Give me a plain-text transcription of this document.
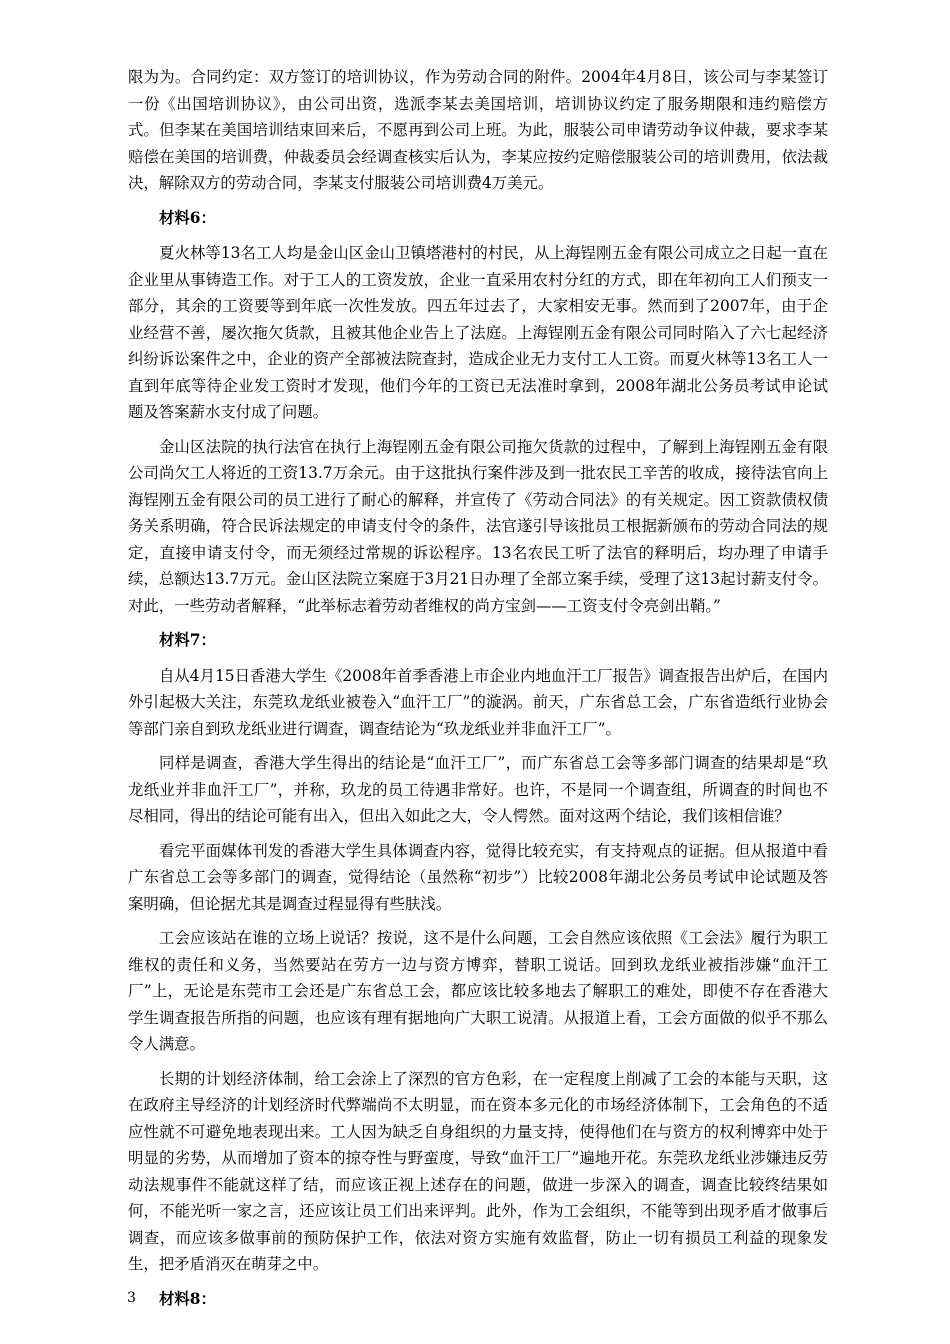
限为为。合同约定：双方签订的培训协议，作为劳动合同的附件。2004年4月8日，该公司与李某签订一份《出国培训协议》，由公司出资，选派李某去美国培训，培训协议约定了服务期限和违约赔偿方式。但李某在美国培训结束回来后，不愿再到公司上班。为此，服装公司申请劳动争议仲裁，要求李某赔偿在美国的培训费，仲裁委员会经调查核实后认为，李某应按约定赔偿服装公司的培训费用，依法裁决，解除双方的劳动合同，李某支付服装公司培训费4万美元。

材料6：

夏火林等13名工人均是金山区金山卫镇塔港村的村民，从上海锃刚五金有限公司成立之日起一直在企业里从事铸造工作。对于工人的工资发放，企业一直采用农村分红的方式，即在年初向工人们预支一部分，其余的工资要等到年底一次性发放。四五年过去了，大家相安无事。然而到了2007年，由于企业经营不善，屡次拖欠货款，且被其他企业告上了法庭。上海锃刚五金有限公司同时陷入了六七起经济纠纷诉讼案件之中，企业的资产全部被法院查封，造成企业无力支付工人工资。而夏火林等13名工人一直到年底等待企业发工资时才发现，他们今年的工资已无法准时拿到，2008年湖北公务员考试申论试题及答案薪水支付成了问题。

金山区法院的执行法官在执行上海锃刚五金有限公司拖欠货款的过程中，了解到上海锃刚五金有限公司尚欠工人将近的工资13.7万余元。由于这批执行案件涉及到一批农民工辛苦的收成，接待法官向上海锃刚五金有限公司的员工进行了耐心的解释，并宣传了《劳动合同法》的有关规定。因工资款债权债务关系明确，符合民诉法规定的申请支付令的条件，法官遂引导该批员工根据新颁布的劳动合同法的规定，直接申请支付令，而无须经过常规的诉讼程序。13名农民工听了法官的释明后，均办理了申请手续，总额达13.7万元。金山区法院立案庭于3月21日办理了全部立案手续，受理了这13起讨薪支付令。对此，一些劳动者解释，“此举标志着劳动者维权的尚方宝剑——工资支付令亮剑出鞘。”

材料7：

自从4月15日香港大学生《2008年首季香港上市企业内地血汗工厂报告》调查报告出炉后，在国内外引起极大关注，东莞玖龙纸业被卷入“血汗工厂”的漩涡。前天，广东省总工会，广东省造纸行业协会等部门亲自到玖龙纸业进行调查，调查结论为“玖龙纸业并非血汗工厂”。

同样是调查，香港大学生得出的结论是“血汗工厂”，而广东省总工会等多部门调查的结果却是“玖龙纸业并非血汗工厂”，并称，玖龙的员工待遇非常好。也许，不是同一个调查组，所调查的时间也不尽相同，得出的结论可能有出入，但出入如此之大，令人愕然。面对这两个结论，我们该相信谁？

看完平面媒体刊发的香港大学生具体调查内容，觉得比较充实，有支持观点的证据。但从报道中看广东省总工会等多部门的调查，觉得结论（虽然称“初步”）比较2008年湖北公务员考试申论试题及答案明确，但论据尤其是调查过程显得有些肤浅。

工会应该站在谁的立场上说话？按说，这不是什么问题，工会自然应该依照《工会法》履行为职工维权的责任和义务，当然要站在劳方一边与资方博弈，替职工说话。回到玖龙纸业被指涉嫌“血汗工厂”上，无论是东莞市工会还是广东省总工会，都应该比较多地去了解职工的难处，即使不存在香港大学生调查报告所指的问题，也应该有理有据地向广大职工说清。从报道上看，工会方面做的似乎不那么令人满意。

长期的计划经济体制，给工会涂上了深烈的官方色彩，在一定程度上削减了工会的本能与天职，这在政府主导经济的计划经济时代弊端尚不太明显，而在资本多元化的市场经济体制下，工会角色的不适应性就不可避免地表现出来。工人因为缺乏自身组织的力量支持，使得他们在与资方的权利博弈中处于明显的劣势，从而增加了资本的掠夺性与野蛮度，导致“血汗工厂”遍地开花。东莞玖龙纸业涉嫌违反劳动法规事件不能就这样了结，而应该正视上述存在的问题，做进一步深入的调查，调查比较终结果如何，不能光听一家之言，还应该让员工们出来评判。此外，作为工会组织，不能等到出现矛盾才做事后调查，而应该多做事前的预防保护工作，依法对资方实施有效监督，防止一切有损员工利益的现象发生，把矛盾消灭在萌芽之中。

材料8：

3
